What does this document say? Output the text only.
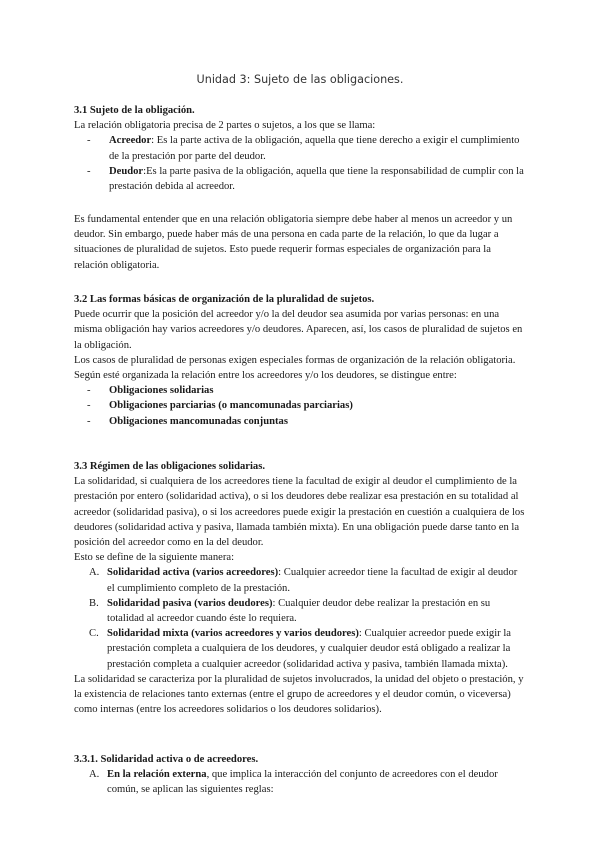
Unidad 3: Sujeto de las obligaciones.

3.1 Sujeto de la obligación.

La relación obligatoria precisa de 2 partes o sujetos, a los que se llama:

- Acreedor: Es la parte activa de la obligación, aquella que tiene derecho a exigir el cumplimiento de la prestación por parte del deudor.
- Deudor:Es la parte pasiva de la obligación, aquella que tiene la responsabilidad de cumplir con la prestación debida al acreedor.

Es fundamental entender que en una relación obligatoria siempre debe haber al menos un acreedor y un deudor. Sin embargo, puede haber más de una persona en cada parte de la relación, lo que da lugar a situaciones de pluralidad de sujetos. Esto puede requerir formas especiales de organización para la relación obligatoria.

3.2 Las formas básicas de organización de la pluralidad de sujetos.

Puede ocurrir que la posición del acreedor y/o la del deudor sea asumida por varias personas: en una misma obligación hay varios acreedores y/o deudores. Aparecen, así, los casos de pluralidad de sujetos en la obligación.

Los casos de pluralidad de personas exigen especiales formas de organización de la relación obligatoria.

Según esté organizada la relación entre los acreedores y/o los deudores, se distingue entre:

- Obligaciones solidarias
- Obligaciones parciarias (o mancomunadas parciarias)
- Obligaciones mancomunadas conjuntas

3.3 Régimen de las obligaciones solidarias.

La solidaridad, si cualquiera de los acreedores tiene la facultad de exigir al deudor el cumplimiento de la prestación por entero (solidaridad activa), o si los deudores debe realizar esa prestación en su totalidad al acreedor (solidaridad pasiva), o si los acreedores puede exigir la prestación en cuestión a cualquiera de los deudores (solidaridad activa y pasiva, llamada también mixta). En una obligación puede darse tanto en la posición del acreedor como en la del deudor.

Esto se define de la siguiente manera:

A. Solidaridad activa (varios acreedores): Cualquier acreedor tiene la facultad de exigir al deudor el cumplimiento completo de la prestación.
B. Solidaridad pasiva (varios deudores): Cualquier deudor debe realizar la prestación en su totalidad al acreedor cuando éste lo requiera.
C. Solidaridad mixta (varios acreedores y varios deudores): Cualquier acreedor puede exigir la prestación completa a cualquiera de los deudores, y cualquier deudor está obligado a realizar la prestación completa a cualquier acreedor (solidaridad activa y pasiva, también llamada mixta).

La solidaridad se caracteriza por la pluralidad de sujetos involucrados, la unidad del objeto o prestación, y la existencia de relaciones tanto externas (entre el grupo de acreedores y el deudor común, o viceversa) como internas (entre los acreedores solidarios o los deudores solidarios).

3.3.1. Solidaridad activa o de acreedores.

A. En la relación externa, que implica la interacción del conjunto de acreedores con el deudor común, se aplican las siguientes reglas:
